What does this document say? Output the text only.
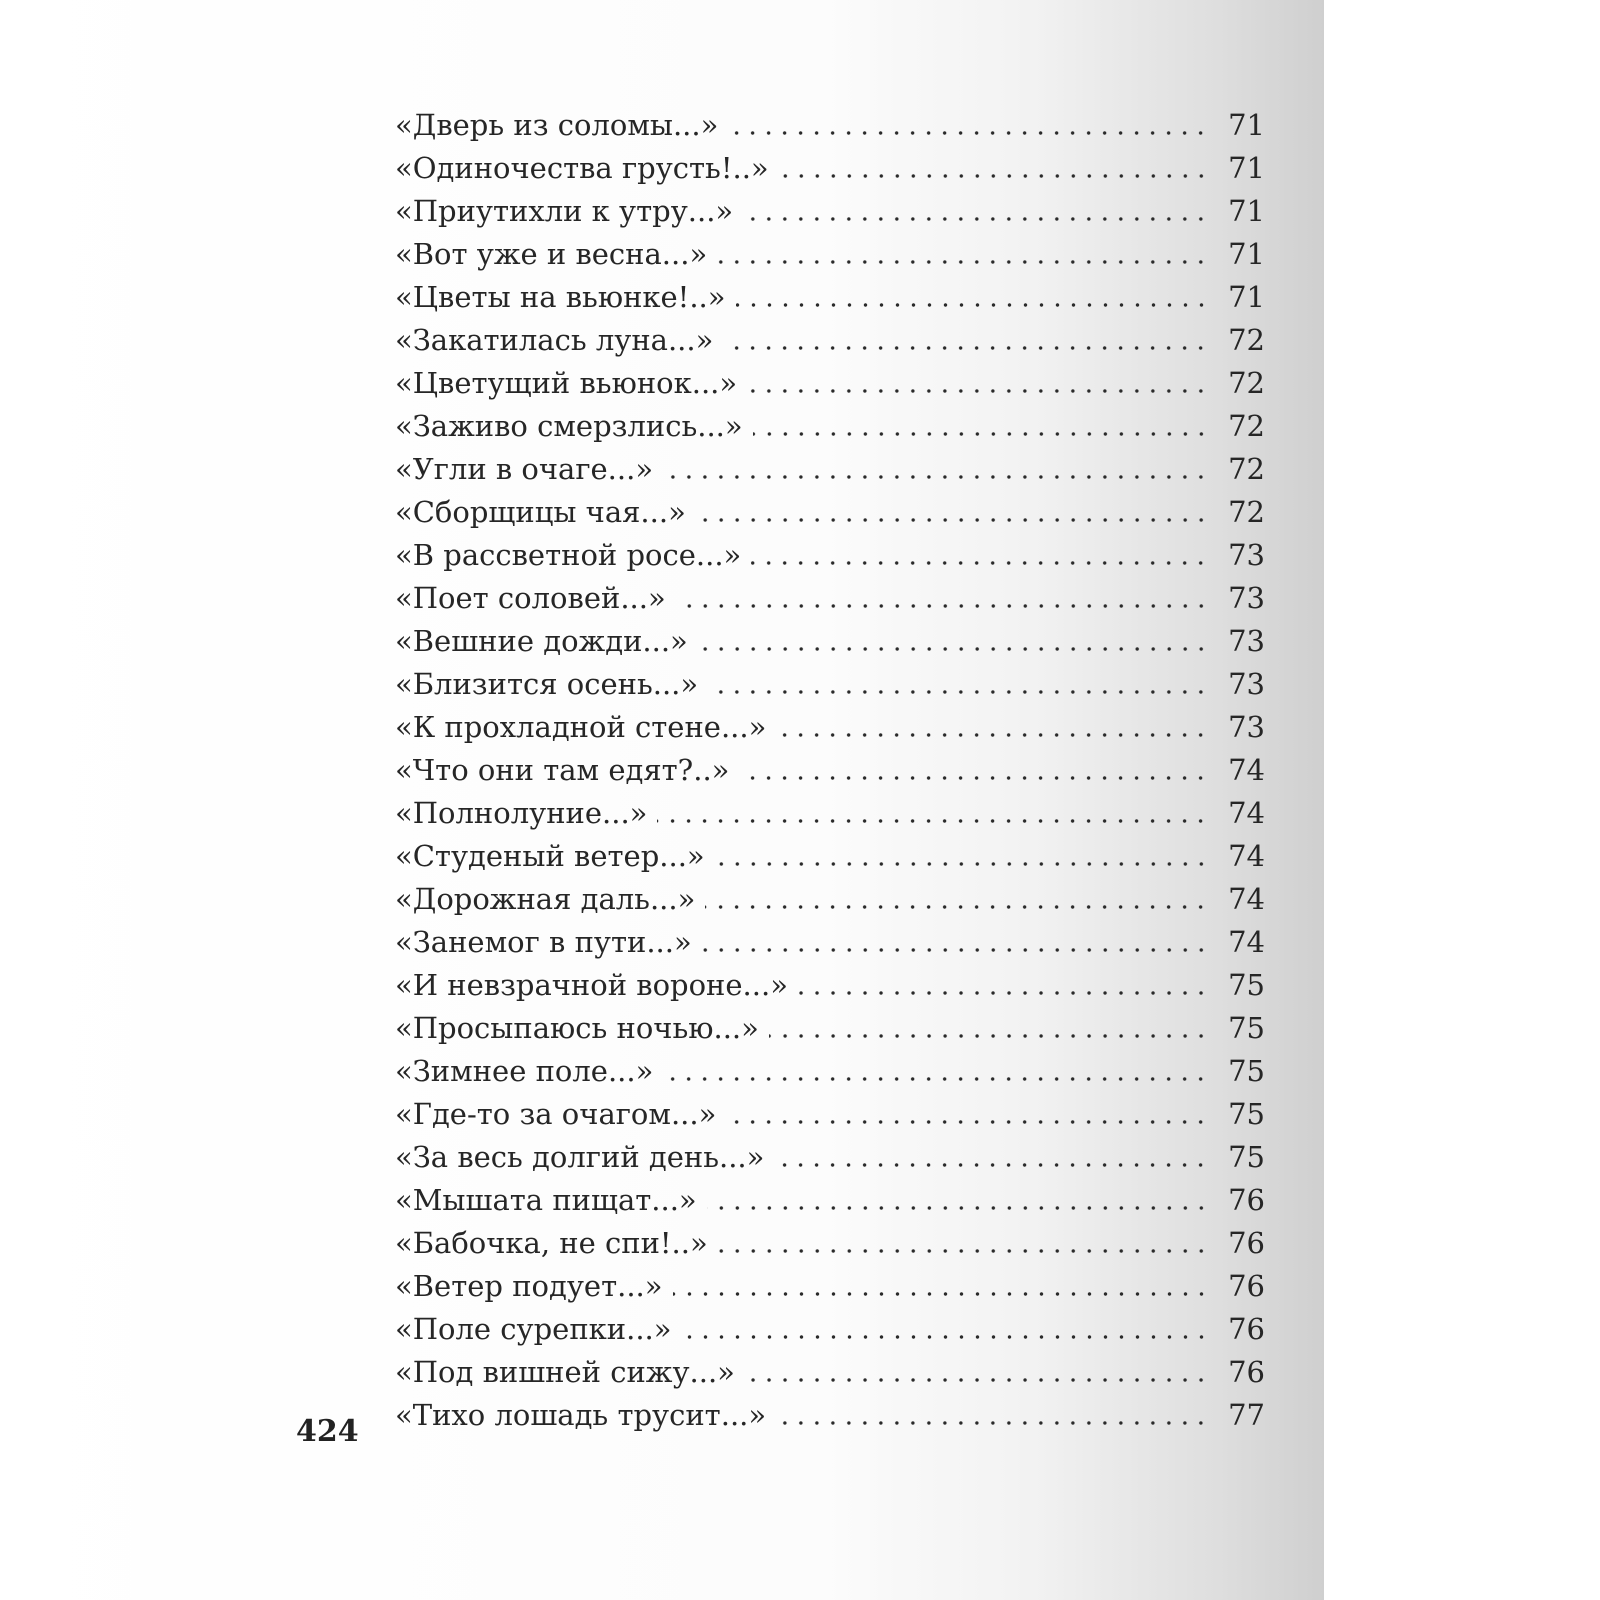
«Дверь из соломы...»	71
«Одиночества грусть!..»	71
«Приутихли к утру...»	71
«Вот уже и весна...»	71
«Цветы на вьюнке!..»	71
«Закатилась луна...»	72
«Цветущий вьюнок...»	72
«Заживо смерзлись...»	72
«Угли в очаге...»	72
«Сборщицы чая...»	72
«В рассветной росе...»	73
«Поет соловей...»	73
«Вешние дожди...»	73
«Близится осень...»	73
«К прохладной стене...»	73
«Что они там едят?..»	74
«Полнолуние...»	74
«Студеный ветер...»	74
«Дорожная даль...»	74
«Занемог в пути...»	74
«И невзрачной вороне...»	75
«Просыпаюсь ночью...»	75
«Зимнее поле...»	75
«Где-то за очагом...»	75
«За весь долгий день...»	75
«Мышата пищат...»	76
«Бабочка, не спи!..»	76
«Ветер подует...»	76
«Поле сурепки...»	76
«Под вишней сижу...»	76
«Тихо лошадь трусит...»	77
424
